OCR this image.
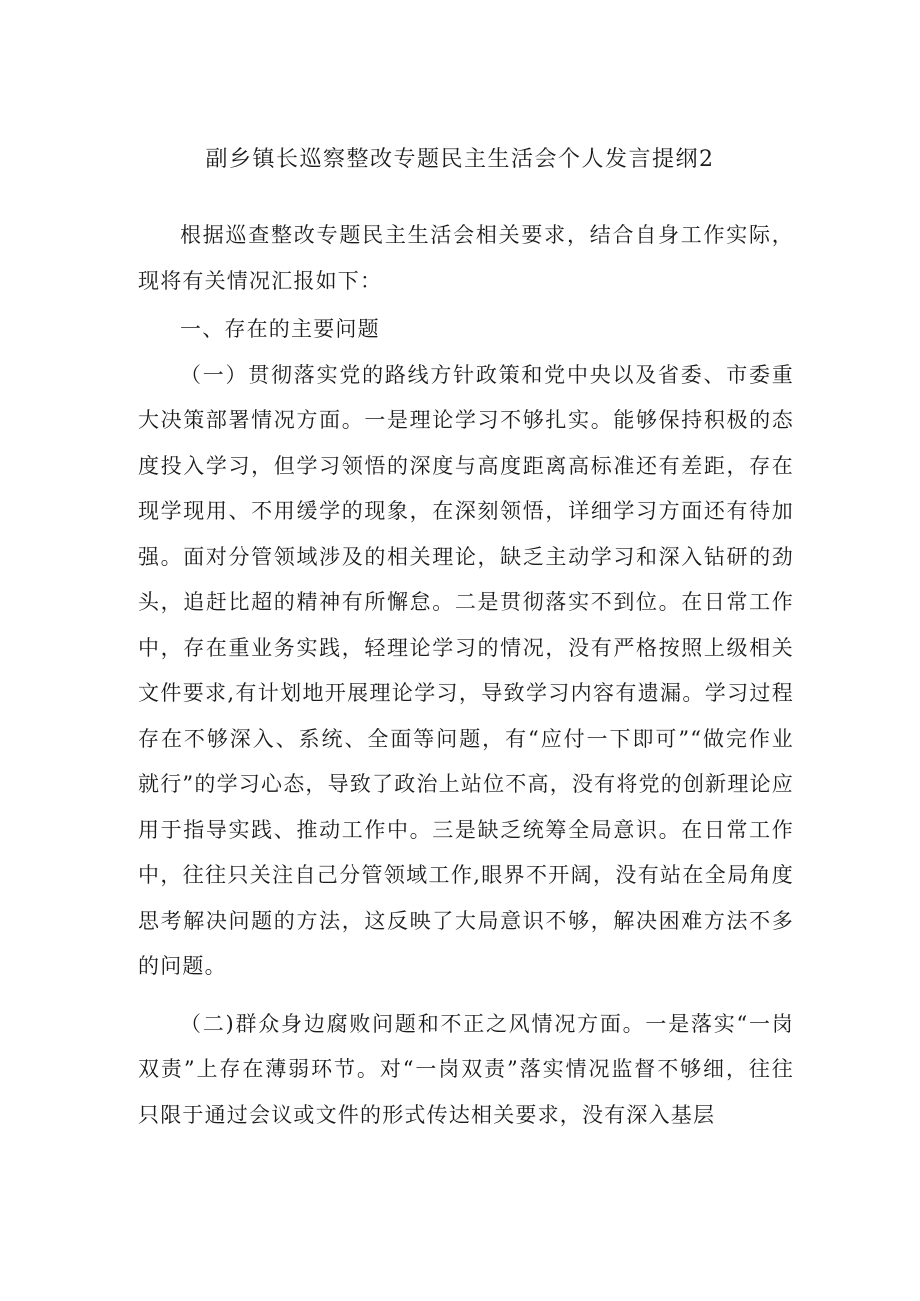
副乡镇长巡察整改专题民主生活会个人发言提纲2

根据巡查整改专题民主生活会相关要求，结合自身工作实际，现将有关情况汇报如下：

一、存在的主要问题

（一）贯彻落实党的路线方针政策和党中央以及省委、市委重大决策部署情况方面。一是理论学习不够扎实。能够保持积极的态度投入学习，但学习领悟的深度与高度距离高标准还有差距，存在现学现用、不用缓学的现象，在深刻领悟，详细学习方面还有待加强。面对分管领域涉及的相关理论，缺乏主动学习和深入钻研的劲头，追赶比超的精神有所懈怠。二是贯彻落实不到位。在日常工作中，存在重业务实践，轻理论学习的情况，没有严格按照上级相关文件要求,有计划地开展理论学习，导致学习内容有遗漏。学习过程存在不够深入、系统、全面等问题，有“应付一下即可”“做完作业就行”的学习心态，导致了政治上站位不高，没有将党的创新理论应用于指导实践、推动工作中。三是缺乏统筹全局意识。在日常工作中，往往只关注自己分管领域工作,眼界不开阔，没有站在全局角度思考解决问题的方法，这反映了大局意识不够，解决困难方法不多的问题。

（二)群众身边腐败问题和不正之风情况方面。一是落实“一岗双责”上存在薄弱环节。对“一岗双责”落实情况监督不够细，往往只限于通过会议或文件的形式传达相关要求，没有深入基层
